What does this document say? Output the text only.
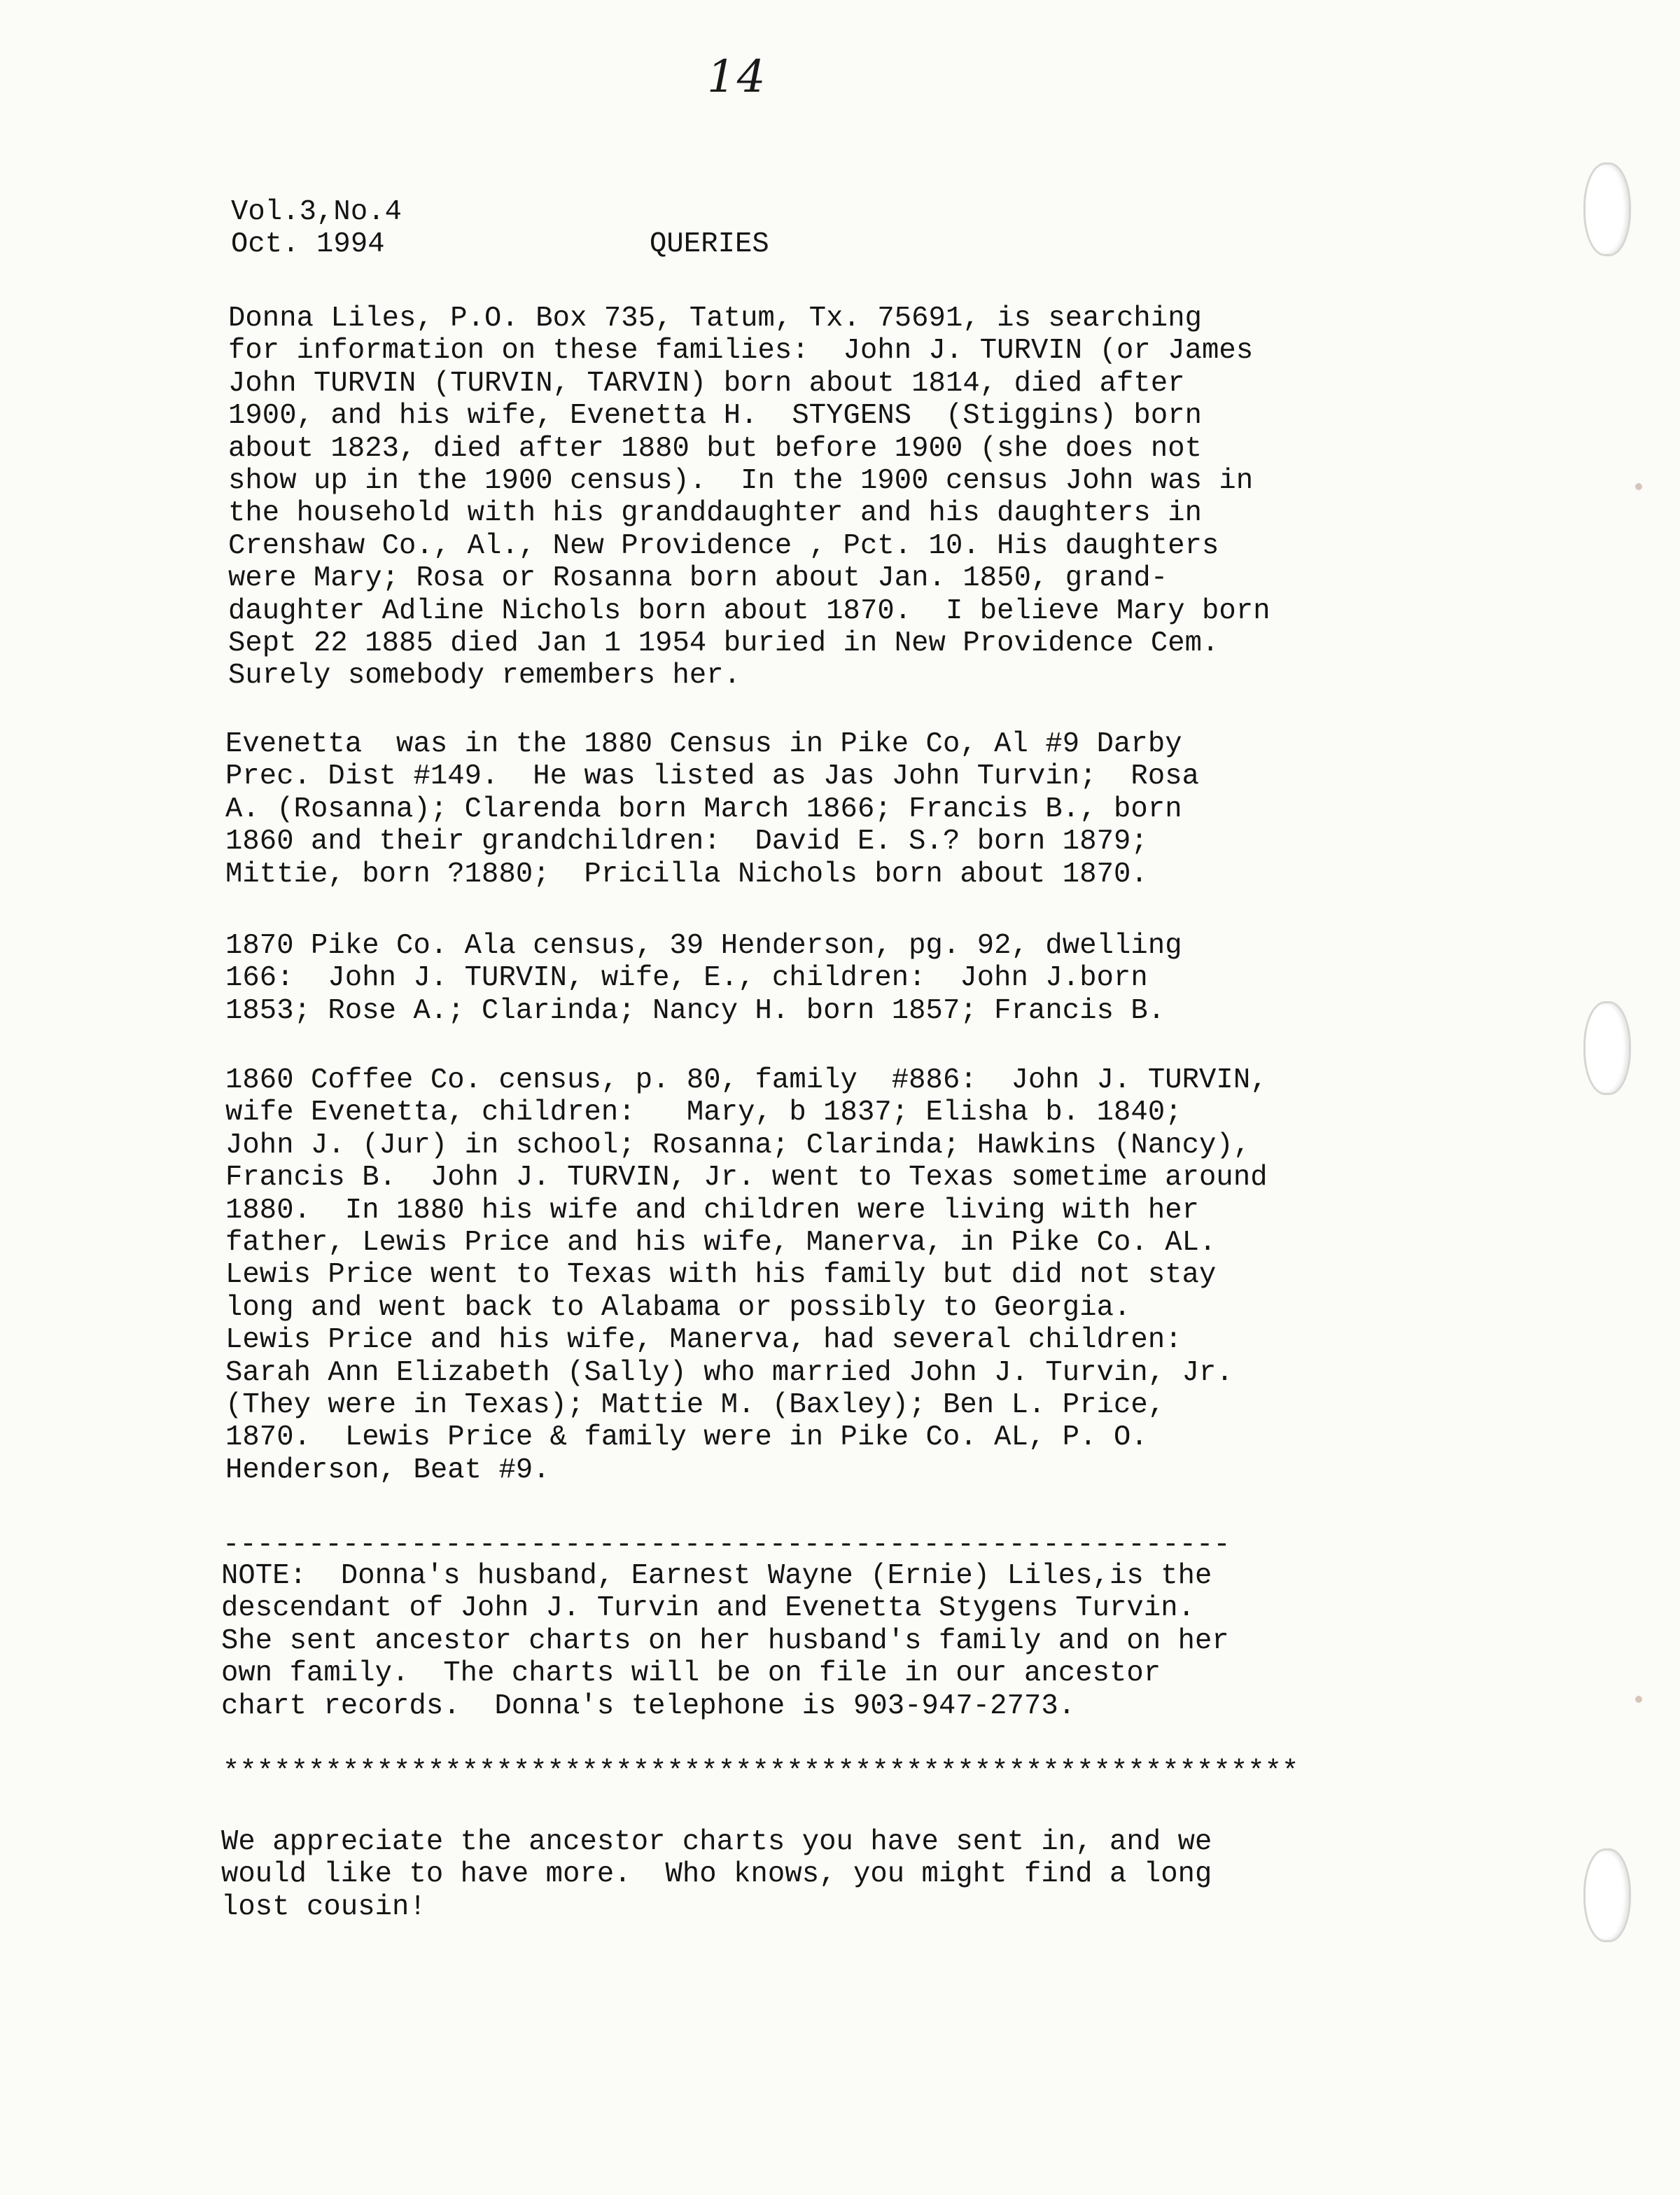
14
Vol.3,No.4
Oct. 1994	QUERIES
Donna Liles, P.O. Box 735, Tatum, Tx. 75691, is searching
for information on these families:  John J. TURVIN (or James
John TURVIN (TURVIN, TARVIN) born about 1814, died after
1900, and his wife, Evenetta H.  STYGENS  (Stiggins) born
about 1823, died after 1880 but before 1900 (she does not
show up in the 1900 census).  In the 1900 census John was in
the household with his granddaughter and his daughters in
Crenshaw Co., Al., New Providence , Pct. 10. His daughters
were Mary; Rosa or Rosanna born about Jan. 1850, grand-
daughter Adline Nichols born about 1870.  I believe Mary born
Sept 22 1885 died Jan 1 1954 buried in New Providence Cem.
Surely somebody remembers her.
Evenetta  was in the 1880 Census in Pike Co, Al #9 Darby
Prec. Dist #149.  He was listed as Jas John Turvin;  Rosa
A. (Rosanna); Clarenda born March 1866; Francis B., born
1860 and their grandchildren:  David E. S.? born 1879;
Mittie, born ?1880;  Pricilla Nichols born about 1870.
1870 Pike Co. Ala census, 39 Henderson, pg. 92, dwelling
166:  John J. TURVIN, wife, E., children:  John J.born
1853; Rose A.; Clarinda; Nancy H. born 1857; Francis B.
1860 Coffee Co. census, p. 80, family  #886:  John J. TURVIN,
wife Evenetta, children:   Mary, b 1837; Elisha b. 1840;
John J. (Jur) in school; Rosanna; Clarinda; Hawkins (Nancy),
Francis B.  John J. TURVIN, Jr. went to Texas sometime around
1880.  In 1880 his wife and children were living with her
father, Lewis Price and his wife, Manerva, in Pike Co. AL.
Lewis Price went to Texas with his family but did not stay
long and went back to Alabama or possibly to Georgia.
Lewis Price and his wife, Manerva, had several children:
Sarah Ann Elizabeth (Sally) who married John J. Turvin, Jr.
(They were in Texas); Mattie M. (Baxley); Ben L. Price,
1870.  Lewis Price & family were in Pike Co. AL, P. O.
Henderson, Beat #9.
-----------------------------------------------------------
NOTE:  Donna's husband, Earnest Wayne (Ernie) Liles,is the
descendant of John J. Turvin and Evenetta Stygens Turvin.
She sent ancestor charts on her husband's family and on her
own family.  The charts will be on file in our ancestor
chart records.  Donna's telephone is 903-947-2773.
***************************************************************
We appreciate the ancestor charts you have sent in, and we
would like to have more.  Who knows, you might find a long
lost cousin!
